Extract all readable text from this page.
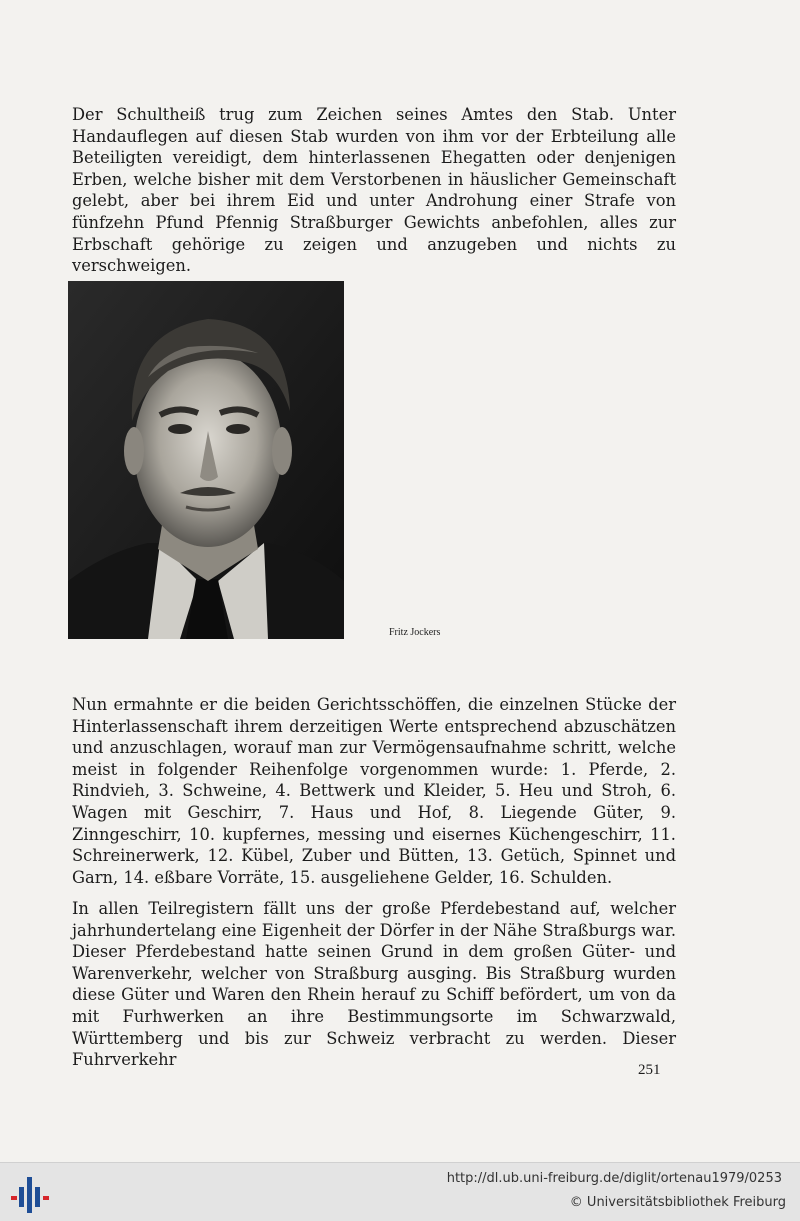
Der Schultheiß trug zum Zeichen seines Amtes den Stab. Unter Handauflegen auf diesen Stab wurden von ihm vor der Erbteilung alle Beteiligten vereidigt, dem hinterlassenen Ehegatten oder denjenigen Erben, welche bisher mit dem Verstorbenen in häuslicher Gemeinschaft gelebt, aber bei ihrem Eid und unter Androhung einer Strafe von fünfzehn Pfund Pfennig Straßburger Gewichts anbefohlen, alles zur Erbschaft gehörige zu zeigen und anzugeben und nichts zu verschweigen.

Fritz Jockers

Nun ermahnte er die beiden Gerichtsschöffen, die einzelnen Stücke der Hinterlassenschaft ihrem derzeitigen Werte entsprechend abzuschätzen und anzuschlagen, worauf man zur Vermögensaufnahme schritt, welche meist in folgender Reihenfolge vorgenommen wurde: 1. Pferde, 2. Rindvieh, 3. Schweine, 4. Bettwerk und Kleider, 5. Heu und Stroh, 6. Wagen mit Geschirr, 7. Haus und Hof, 8. Liegende Güter, 9. Zinngeschirr, 10. kupfernes, messing und eisernes Küchengeschirr, 11. Schreinerwerk, 12. Kübel, Zuber und Bütten, 13. Getüch, Spinnet und Garn, 14. eßbare Vorräte, 15. ausgeliehene Gelder, 16. Schulden.

In allen Teilregistern fällt uns der große Pferdebestand auf, welcher jahrhundertelang eine Eigenheit der Dörfer in der Nähe Straßburgs war. Dieser Pferdebestand hatte seinen Grund in dem großen Güter- und Warenverkehr, welcher von Straßburg ausging. Bis Straßburg wurden diese Güter und Waren den Rhein herauf zu Schiff befördert, um von da mit Furhwerken an ihre Bestimmungsorte im Schwarzwald, Württemberg und bis zur Schweiz verbracht zu werden. Dieser Fuhrverkehr

251
http://dl.ub.uni-freiburg.de/diglit/ortenau1979/0253
© Universitätsbibliothek Freiburg
